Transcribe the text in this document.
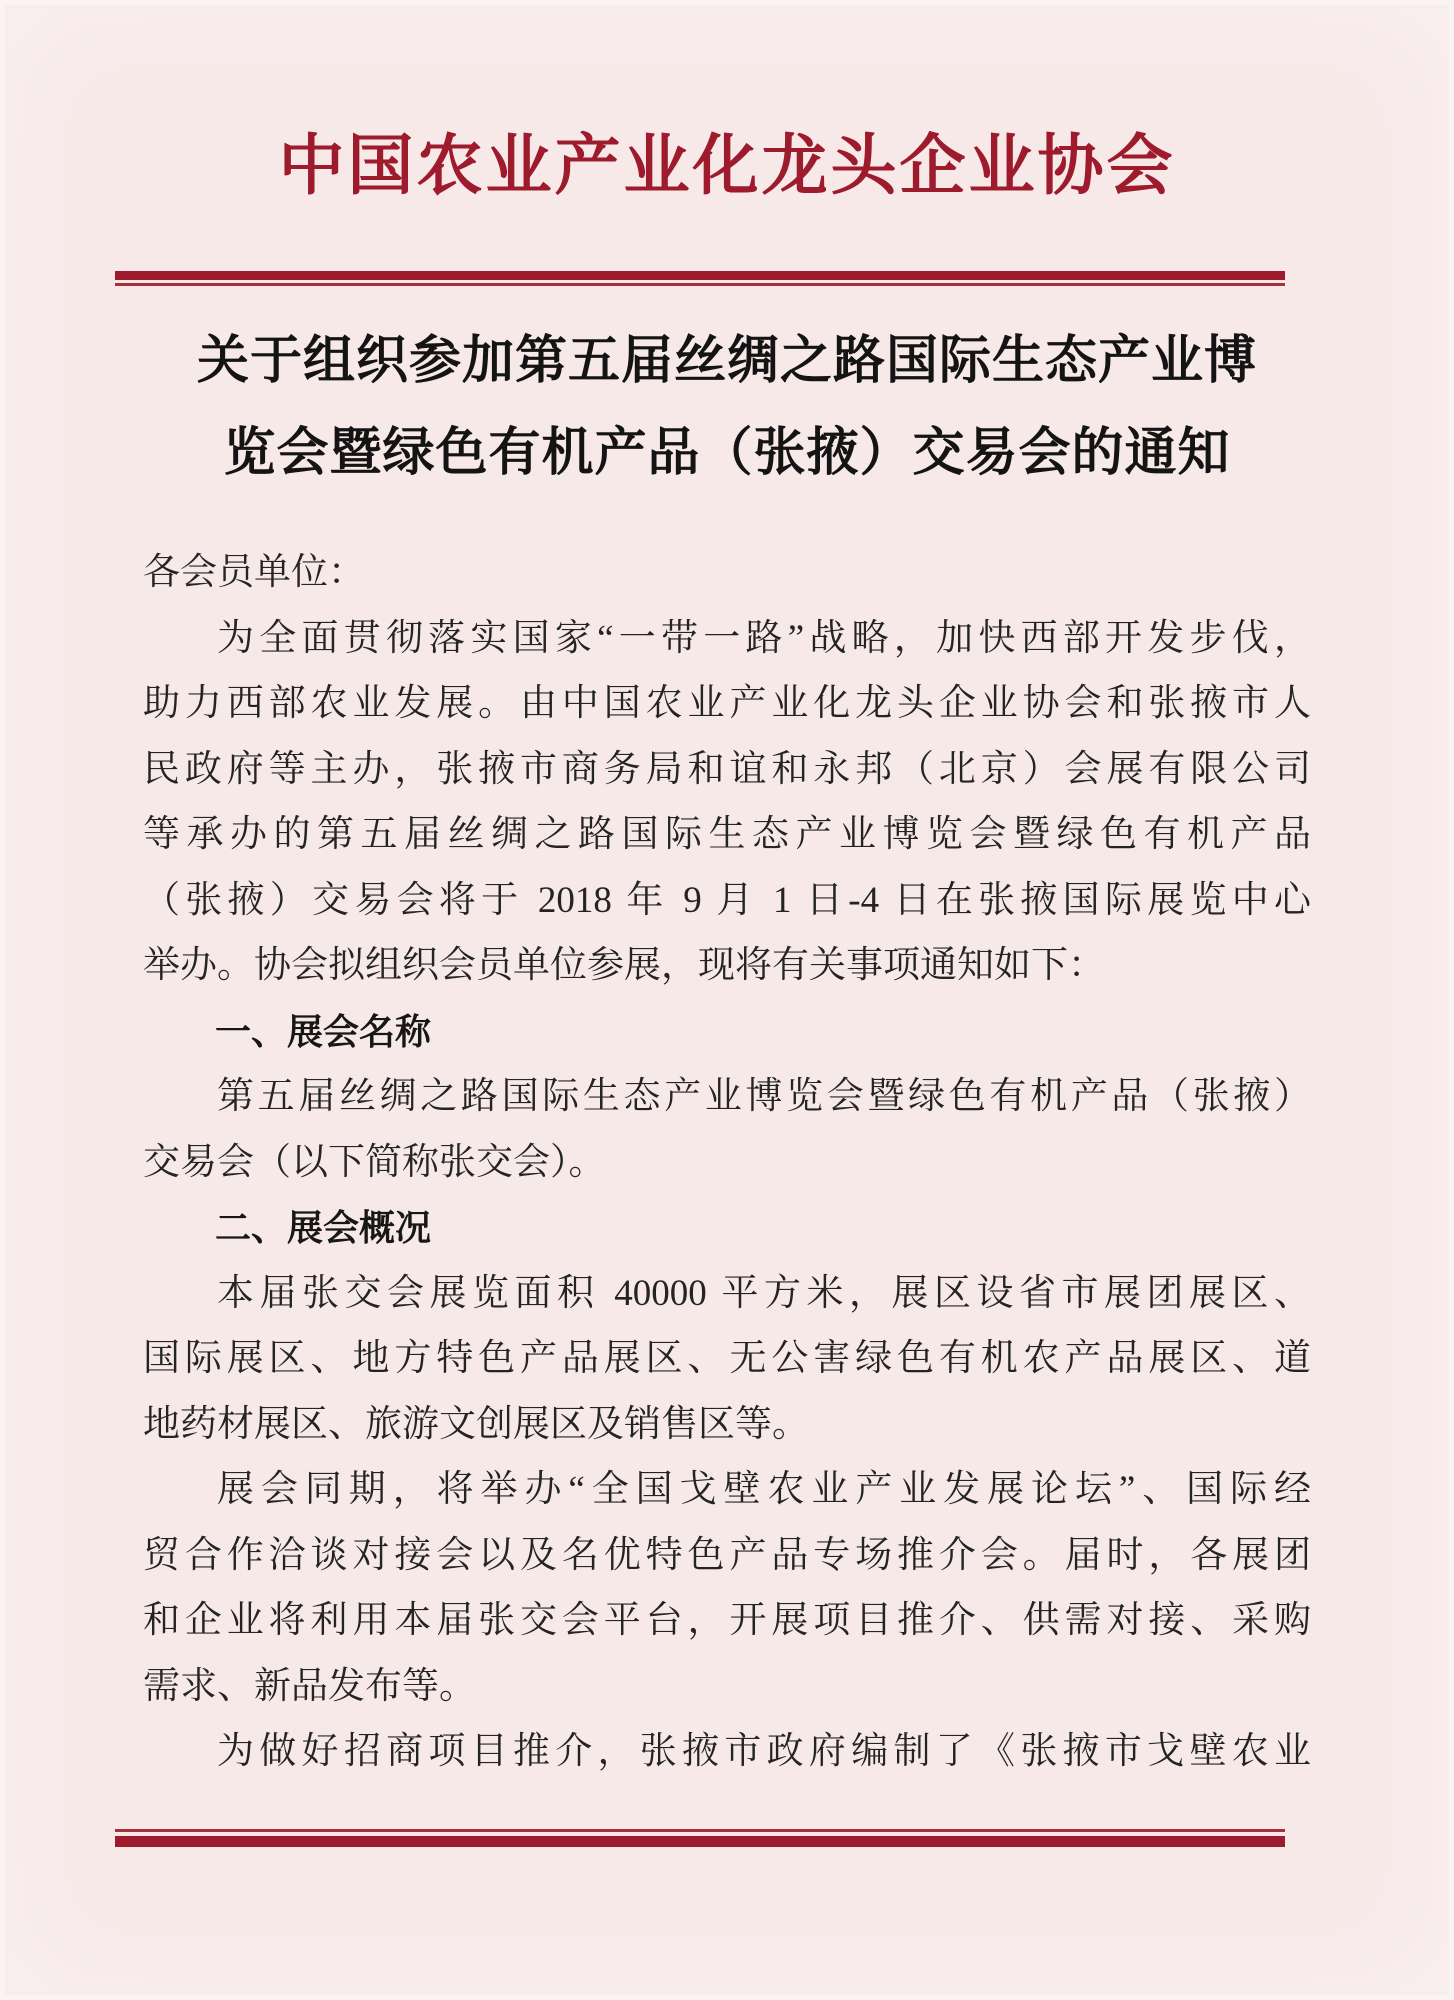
中国农业产业化龙头企业协会
关于组织参加第五届丝绸之路国际生态产业博
览会暨绿色有机产品（张掖）交易会的通知
各会员单位：
为全面贯彻落实国家“一带一路”战略，加快西部开发步伐，
助力西部农业发展。由中国农业产业化龙头企业协会和张掖市人
民政府等主办，张掖市商务局和谊和永邦（北京）会展有限公司
等承办的第五届丝绸之路国际生态产业博览会暨绿色有机产品
（张掖）交易会将于 2018 年 9 月 1 日-4 日在张掖国际展览中心
举办。协会拟组织会员单位参展，现将有关事项通知如下：
一、展会名称
第五届丝绸之路国际生态产业博览会暨绿色有机产品（张掖）
交易会（以下简称张交会）。
二、展会概况
本届张交会展览面积 40000 平方米，展区设省市展团展区、
国际展区、地方特色产品展区、无公害绿色有机农产品展区、道
地药材展区、旅游文创展区及销售区等。
展会同期，将举办“全国戈壁农业产业发展论坛”、国际经
贸合作洽谈对接会以及名优特色产品专场推介会。届时，各展团
和企业将利用本届张交会平台，开展项目推介、供需对接、采购
需求、新品发布等。
为做好招商项目推介，张掖市政府编制了《张掖市戈壁农业
